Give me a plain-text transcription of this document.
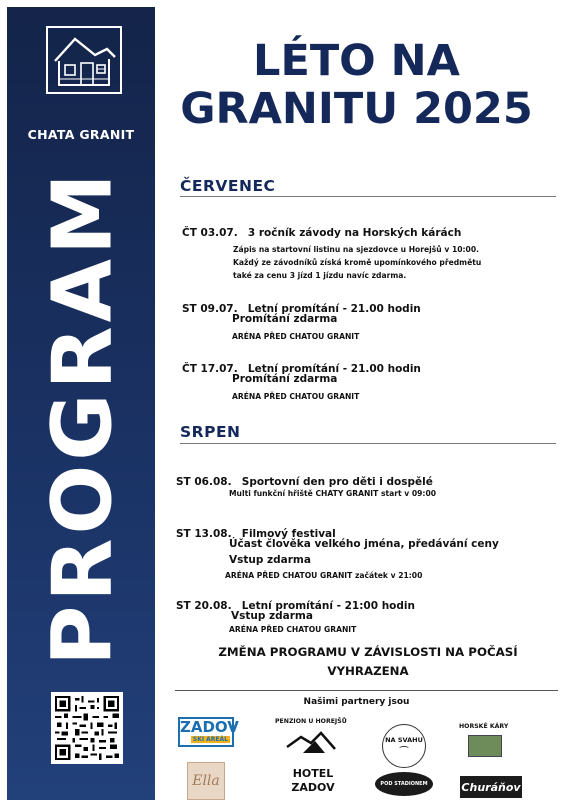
CHATA GRANIT
PROGRAM
LÉTO NA
GRANITU 2025
ČERVENEC
ČT 03.07. 3 ročník závody na Horských kárách
Zápis na startovní listinu na sjezdovce u Horejšů v 10:00.
Každý ze závodníků získá kromě upomínkového předmětu
také za cenu 3 jízd 1 jízdu navíc zdarma.
ST 09.07. Letní promítání - 21.00 hodin
Promítání zdarma
ARÉNA PŘED CHATOU GRANIT
ČT 17.07. Letní promítání - 21.00 hodin
Promítání zdarma
ARÉNA PŘED CHATOU GRANIT
SRPEN
ST 06.08. Sportovní den pro děti i dospělé
Multi funkční hřiště CHATY GRANIT start v 09:00
ST 13.08. Filmový festival
Účast člověka velkého jména, předávání ceny
Vstup zdarma
ARÉNA PŘED CHATOU GRANIT začátek v 21:00
ST 20.08. Letní promítání - 21:00 hodin
Vstup zdarma
ARÉNA PŘED CHATOU GRANIT
ZMĚNA PROGRAMU V ZÁVISLOSTI NA POČASÍ
VYHRAZENA
Našimi partnery jsou
ZADOV
SKI AREÁL
PENZION U HOREJŠŮ
NA SVAHU
⌒
HORSKÉ KÁRY
Ella	HOTEL
ZADOV	POD STADIONEM	Churáňov
